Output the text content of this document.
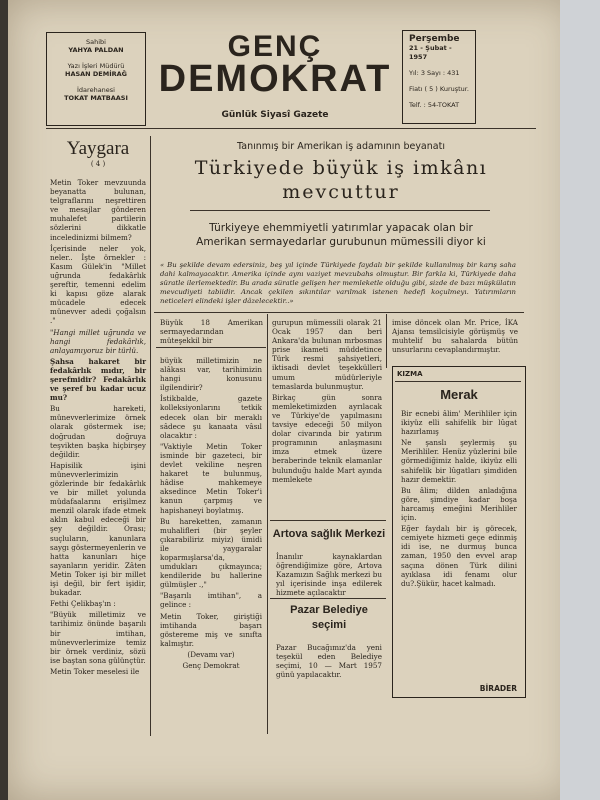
Sahibi
YAHYA PALDAN
Yazı İşleri Müdürü
HASAN DEMİRAĞ
İdarehanesi
TOKAT MATBAASI
GENÇ
DEMOKRAT
Günlük Siyasî Gazete
Perşembe
21 - Şubat - 1957
Yıl: 3 Sayı : 431
Fiatı ( 5 ) Kuruştur.
Telf. : 54-TOKAT
Yaygara
( 4 )

Metin Toker mevzuunda beyanatta bulunan, telgraflarını neşrettiren ve mesajlar gönderen muhalefet partilerin sözlerini dikkatle inceledinizmi bilmem?

İçerisinde neler yok, neler.. İşte örnekler : Kasım Gülek'in "Millet uğrunda fedakârlık şereftir, temenni edelim ki kapısı göze alarak mücadele edecek münevver adedi çoğalsın ."

"Hangi millet uğrunda ve hangi fedakârlık, anlayamıyoruz bir türlü.

Şahsa hakaret bir fedakârlık mıdır, bir şerefmidir? Fedakârlık ve şeref bu kadar ucuz mu?

Bu hareketi, münevverlerimize örnek olarak göstermek ise; doğrudan doğruya teşvikten başka hiçbirşey değildir.

Hapisilik işini münevverlerimizin gözlerinde bir fedakârlık ve bir millet yolunda müdafaalarını erişilmez menzil olarak ifade etmek aklın kabul edeceği bir şey değildir. Orası; suçluların, kanunlara saygı göstermeyenlerin ve hatta kanunları hiçe sayanların yeridir. Zâten Metin Toker işi bir millet işi değil, bir fert işidir, bukadar.

Fethi Çelikbaş'ın :

"Büyük milletimiz ve tarihimiz önünde başarılı bir imtihan, münevverlerimize temiz bir örnek verdiniz, sözü ise baştan sona gülünçtür.

Metin Toker meselesi ile

Tanınmış bir Amerikan iş adamının beyanatı
Türkiyede büyük iş imkânı
mevcuttur
Türkiyeye ehemmiyetli yatırımlar yapacak olan bir
Amerikan sermayedarlar gurubunun mümessili diyor ki

« Bu şekilde devam edersiniz, beş yıl içinde Türkiyede faydalı bir şekilde kullanılmış bir karış saha dahi kalmayacaktır. Amerika içinde aynı vaziyet mevzubahs olmuştur. Bir farkla ki, Türkiyede daha süratle ilerlemektedir. Bu arada süratle gelişen her memleketle olduğu gibi, sizde de bazı müşkülatın mevcudiyeti tabiidir. Ancak çekilen sıkıntılar varılmak istenen hedefi koçulmeyı. Yatırımların neticeleri elindeki işler dâzelecektir..»

Büyük 18 Amerikan sermayedarından müteşekkil bir

gurupun mümessili olarak 21 Ocak 1957 dan beri Ankara'da bulunan mrbosmas prise ikameti müddetince Türk resmi şahsiyetleri, iktisadi devlet teşekkülleri umum müdürleriyle temaslarda bulunmuştur.

Birkaç gün sonra memleketimizden ayrılacak ve Türkiye'de yapılmasını tavsiye edeceği 50 milyon dolar civarında bir yatırım programının anlaşmasını imza etmek üzere beraberinde teknik elamanlar bulunduğu halde Mart ayında memlekete

imise döncek olan Mr. Price, İKA Ajansı temsilcisiyle görüşmüş ve muhtelif bu sahalarda bütün unsurlarını cevaplandırmıştır.

büyük milletimizin ne alâkası var, tarihimizin hangi konusunu ilgilendirir?

İstikbalde, gazete kolleksiyonlarını tetkik edecek olan bir meraklı sâdece şu kanaata vâsıl olacaktır :

"Vaktiyle Metin Toker isminde bir gazeteci, bir devlet vekiline neşren hakaret te bulunmuş, hâdise mahkemeye aksedince Metin Toker'i kanun çarpmış ve hapishaneyi boylatmış.

Bu hareketten, zamanın muhalifleri (bir şeyler çıkarabiliriz miyiz) ümidi ile yaygaralar koparmışlarsa'da, umdukları çıkmayınca; kendileride bu hallerine gülmüşler .,"

"Başarılı imtihan", a gelince :

Metin Toker, giriştiği imtihanda başarı göstereme miş ve sınıfta kalmıştır.

(Devamı var)

Genç Demokrat

Artova sağlık Merkezi

İnanılır kaynaklardan öğrendiğimize göre, Artova Kazamızın Sağlık merkezi bu yıl içerisinde inşa edilerek hizmete açılacaktır

Pazar Belediye
seçimi

Pazar Bucağımız'da yeni teşekül eden Belediye seçimi, 10 — Mart 1957 günü yapılacaktır.

KIZMA
Merak

Bir ecnebi âlim' Merihliler için ikiyüz elli sahifelik bir lûgat hazırlamış

Ne şanslı şeylermiş şu Merihliler. Henüz yüzlerini bile görmediğimiz halde, ikiyüz elli sahifelik bir lûgatları şimdiden hazır demektir.

Bu âlim; dilden anladığına göre, şimdiye kadar boşa harcamış emeğini Merihliler için.

Eğer faydalı bir iş görecek, cemiyete hizmeti geçe edinmiş idi ise, ne durmuş bunca zaman, 1950 den evvel arap saçına dönen Türk dilini ayıklasa idi fenamı olur du?.Şükür, hacet kalmadı.

BİRADER
